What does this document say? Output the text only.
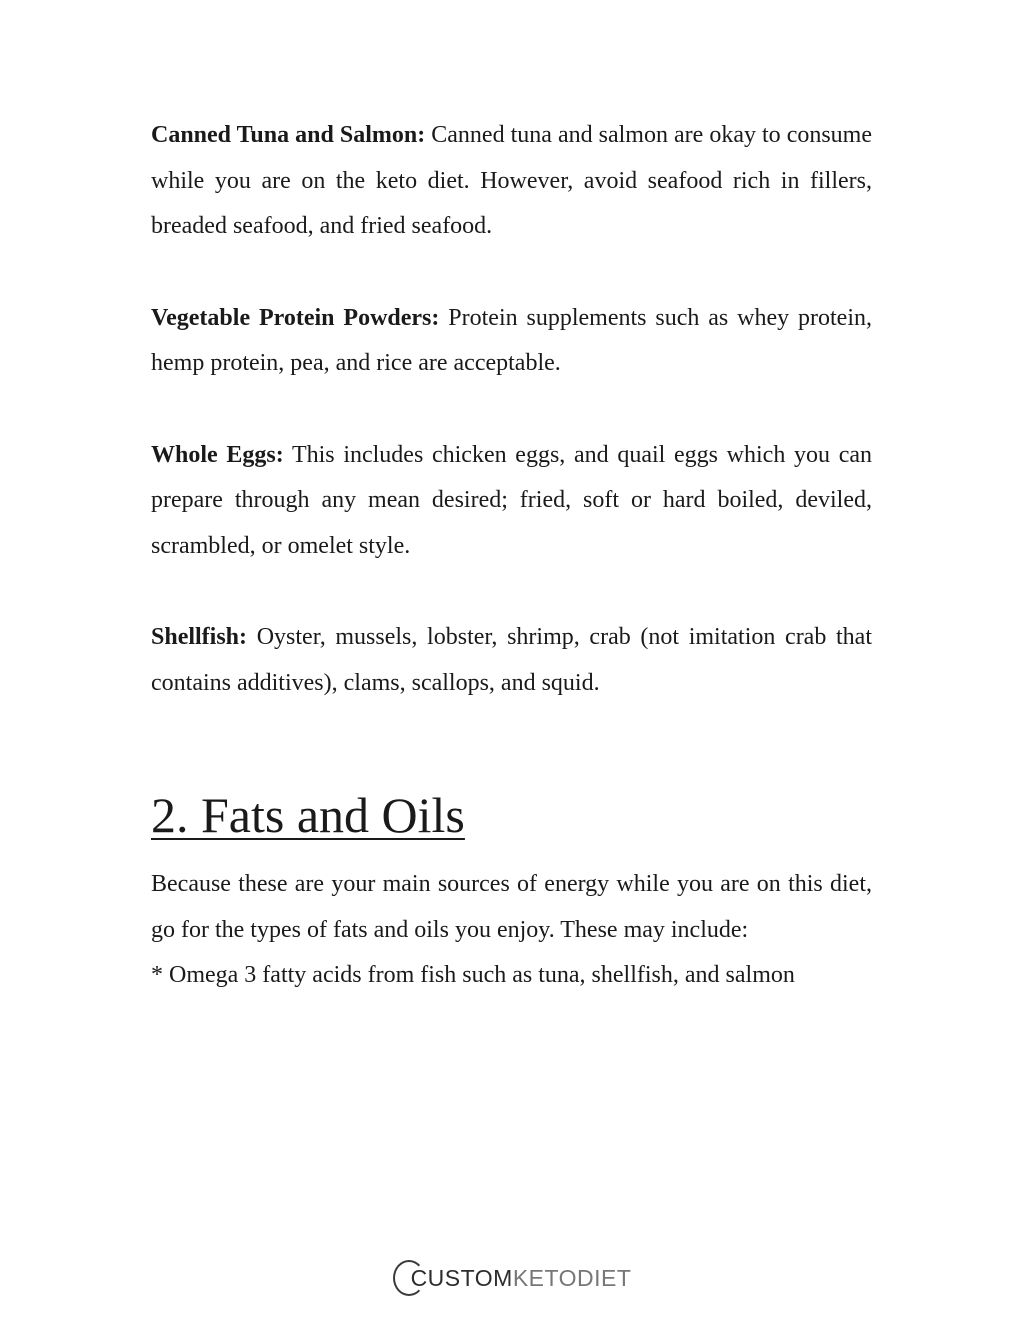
Canned Tuna and Salmon: Canned tuna and salmon are okay to consume while you are on the keto diet. However, avoid seafood rich in fillers, breaded seafood, and fried seafood.

Vegetable Protein Powders: Protein supplements such as whey protein, hemp protein, pea, and rice are acceptable.

Whole Eggs: This includes chicken eggs, and quail eggs which you can prepare through any mean desired; fried, soft or hard boiled, deviled, scrambled, or omelet style.

Shellfish: Oyster, mussels, lobster, shrimp, crab (not imitation crab that contains additives), clams, scallops, and squid.

2. Fats and Oils

Because these are your main sources of energy while you are on this diet, go for the types of fats and oils you enjoy. These may include:

* Omega 3 fatty acids from fish such as tuna, shellfish, and salmon

CUSTOM KETODIET
